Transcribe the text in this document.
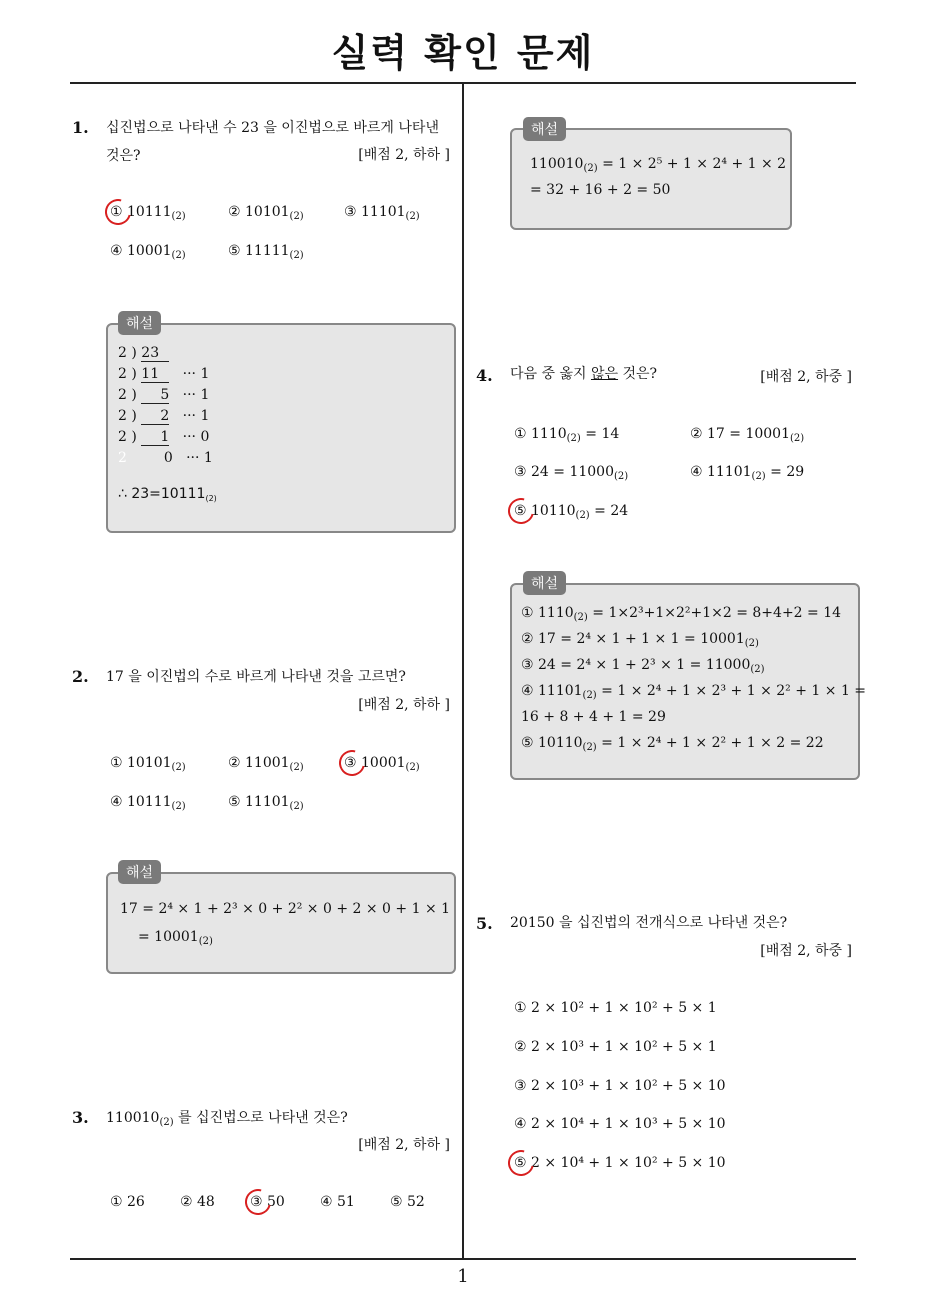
실력 확인 문제
1
1. 십진법으로 나타낸 수 23 을 이진법으로 바르게 나타낸
것은?	[배점 2, 하하 ]
① $10111_{(2)}$	② $10101_{(2)}$	③ $11101_{(2)}$
④ $10001_{(2)}$	⑤ $11111_{(2)}$
해설
2 ) 23
2 ) 11 ··· 1
2 ) 5 ··· 1
2 ) 2 ··· 1
2 ) 1 ··· 0
2	0 ··· 1
∴ $23=10111_{(2)}$
2. 17 을 이진법의 수로 바르게 나타낸 것을 고르면?
[배점 2, 하하 ]
① $10101_{(2)}$	② $11001_{(2)}$	③ $10001_{(2)}$
④ $10111_{(2)}$	⑤ $11101_{(2)}$
해설
17 = 2⁴ × 1 + 2³ × 0 + 2² × 0 + 2 × 0 + 1 × 1
= $10001_{(2)}$
3. $110010_{(2)}$ 를 십진법으로 나타낸 것은?
[배점 2, 하하 ]
① 26	② 48	③ 50	④ 51	⑤ 52
해설
$110010_{(2)} = 1 \times 2^5 + 1 \times 2^4 + 1 \times 2$
= 32 + 16 + 2 = 50
4. 다음 중 옳지 않은 것은?	[배점 2, 하중 ]
① $1110_{(2)} = 14$	② $17 = 10001_{(2)}$
③ $24 = 11000_{(2)}$	④ $11101_{(2)} = 29$
⑤ $10110_{(2)} = 24$
해설
① $1110_{(2)} = 1\times 2^3+1\times 2^2+1\times 2 = 8+4+2 = 14$
② $17 = 2^4 \times 1 + 1 \times 1 = 10001_{(2)}$
③ $24 = 2^4 \times 1 + 2^3 \times 1 = 11000_{(2)}$
④ $11101_{(2)} = 1 \times 2^4 + 1 \times 2^3 + 1 \times 2^2 + 1 \times 1$ =
16 + 8 + 4 + 1 = 29
⑤ $10110_{(2)} = 1 \times 2^4 + 1 \times 2^2 + 1 \times 2 = 22$
5. 20150 을 십진법의 전개식으로 나타낸 것은?
[배점 2, 하중 ]
① 2 × 10² + 1 × 10² + 5 × 1
② 2 × 10³ + 1 × 10² + 5 × 1
③ 2 × 10³ + 1 × 10² + 5 × 10
④ 2 × 10⁴ + 1 × 10³ + 5 × 10
⑤ 2 × 10⁴ + 1 × 10² + 5 × 10
